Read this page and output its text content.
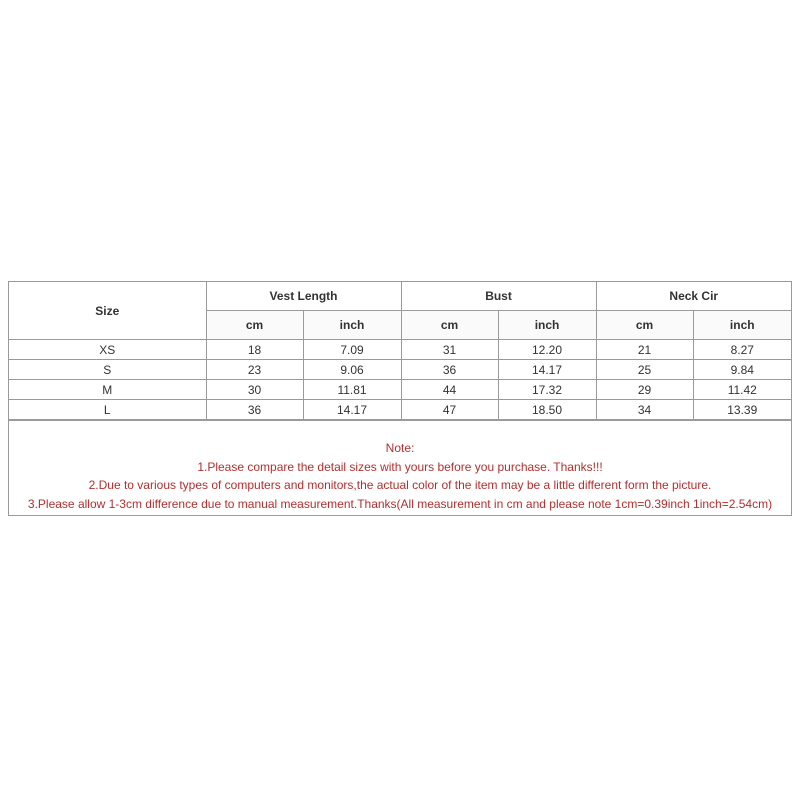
Size	Vest Length		Bust		Neck Cir	
	cm	inch	cm	inch	cm	inch
XS	18	7.09	31	12.20	21	8.27
S	23	9.06	36	14.17	25	9.84
M	30	11.81	44	17.32	29	11.42
L	36	14.17	47	18.50	34	13.39
Note:
1.Please compare the detail sizes with yours before you purchase. Thanks!!!
2.Due to various types of computers and monitors,the actual color of the item may be a little different form the picture.
3.Please allow 1-3cm difference due to manual measurement.Thanks(All measurement in cm and please note 1cm=0.39inch 1inch=2.54cm)
